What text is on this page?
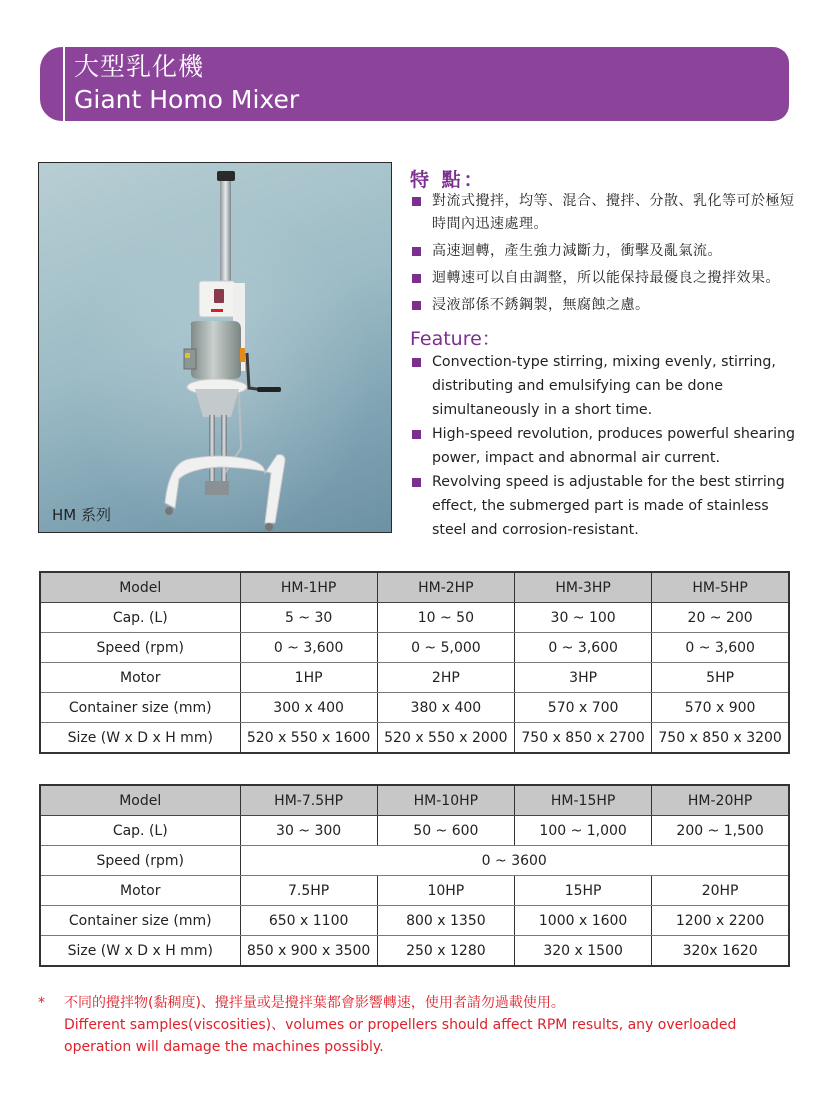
大型乳化機
Giant Homo Mixer
HM 系列
特 點：
對流式攪拌，均等、混合、攪拌、分散、乳化等可於極短時間內迅速處理。
高速迴轉，產生強力減斷力，衝擊及亂氣流。
迴轉速可以自由調整，所以能保持最優良之攪拌效果。
浸液部係不銹鋼製，無腐蝕之慮。
Feature：
Convection-type stirring, mixing evenly, stirring, distributing and emulsifying can be done simultaneously in a short time.
High-speed revolution, produces powerful shearing power, impact and abnormal air current.
Revolving speed is adjustable for the best stirring effect, the submerged part is made of stainless steel and corrosion-resistant.
Model	HM-1HP	HM-2HP	HM-3HP	HM-5HP
Cap. (L)	5 ~ 30	10 ~ 50	30 ~ 100	20 ~ 200
Speed (rpm)	0 ~ 3,600	0 ~ 5,000	0 ~ 3,600	0 ~ 3,600
Motor	1HP	2HP	3HP	5HP
Container size (mm)	300 x 400	380 x 400	570 x 700	570 x 900
Size (W x D x H mm)	520 x 550 x 1600	520 x 550 x 2000	750 x 850 x 2700	750 x 850 x 3200
Model	HM-7.5HP	HM-10HP	HM-15HP	HM-20HP
Cap. (L)	30 ~ 300	50 ~ 600	100 ~ 1,000	200 ~ 1,500
Speed (rpm)	0 ~ 3600			
Motor	7.5HP	10HP	15HP	20HP
Container size (mm)	650 x 1100	800 x 1350	1000 x 1600	1200 x 2200
Size (W x D x H mm)	850 x 900 x 3500	250 x 1280	320 x 1500	320x 1620
* 不同的攪拌物(黏稠度)、攪拌量或是攪拌葉都會影響轉速，使用者請勿過載使用。
Different samples(viscosities)、volumes or propellers should affect RPM results, any overloaded operation will damage the machines possibly.
